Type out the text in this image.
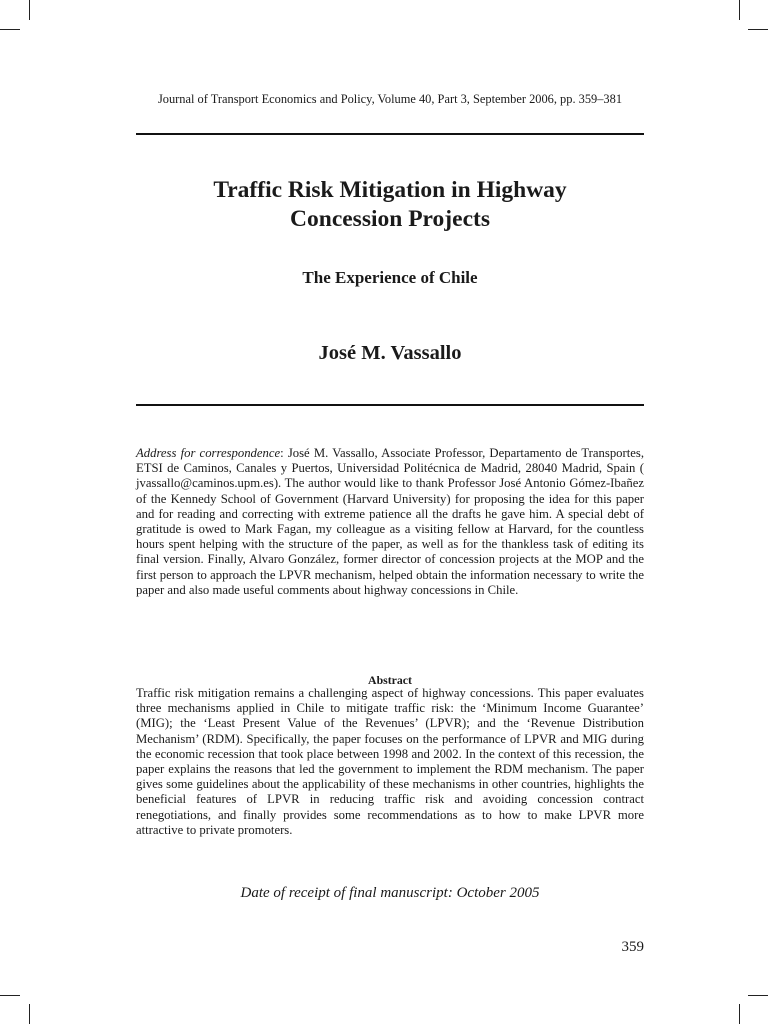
Journal of Transport Economics and Policy, Volume 40, Part 3, September 2006, pp. 359–381
Traffic Risk Mitigation in Highway
Concession Projects
The Experience of Chile
José M. Vassallo
Address for correspondence: José M. Vassallo, Associate Professor, Departamento de Transportes, ETSI de Caminos, Canales y Puertos, Universidad Politécnica de Madrid, 28040 Madrid, Spain ( jvassallo@caminos.upm.es). The author would like to thank Professor José Antonio Gómez-Ibañez of the Kennedy School of Government (Harvard University) for proposing the idea for this paper and for reading and correcting with extreme patience all the drafts he gave him. A special debt of gratitude is owed to Mark Fagan, my colleague as a visiting fellow at Harvard, for the countless hours spent helping with the structure of the paper, as well as for the thankless task of editing its final version. Finally, Alvaro González, former director of concession projects at the MOP and the first person to approach the LPVR mechanism, helped obtain the information necessary to write the paper and also made useful comments about highway concessions in Chile.
Abstract
Traffic risk mitigation remains a challenging aspect of highway concessions. This paper evaluates three mechanisms applied in Chile to mitigate traffic risk: the ‘Minimum Income Guarantee’ (MIG); the ‘Least Present Value of the Revenues’ (LPVR); and the ‘Revenue Distribution Mechanism’ (RDM). Specifically, the paper focuses on the performance of LPVR and MIG during the economic recession that took place between 1998 and 2002. In the context of this recession, the paper explains the reasons that led the government to implement the RDM mechanism. The paper gives some guidelines about the applicability of these mechanisms in other countries, highlights the beneficial features of LPVR in reducing traffic risk and avoiding concession contract renegotiations, and finally provides some recommendations as to how to make LPVR more attractive to private promoters.
Date of receipt of final manuscript: October 2005
359
